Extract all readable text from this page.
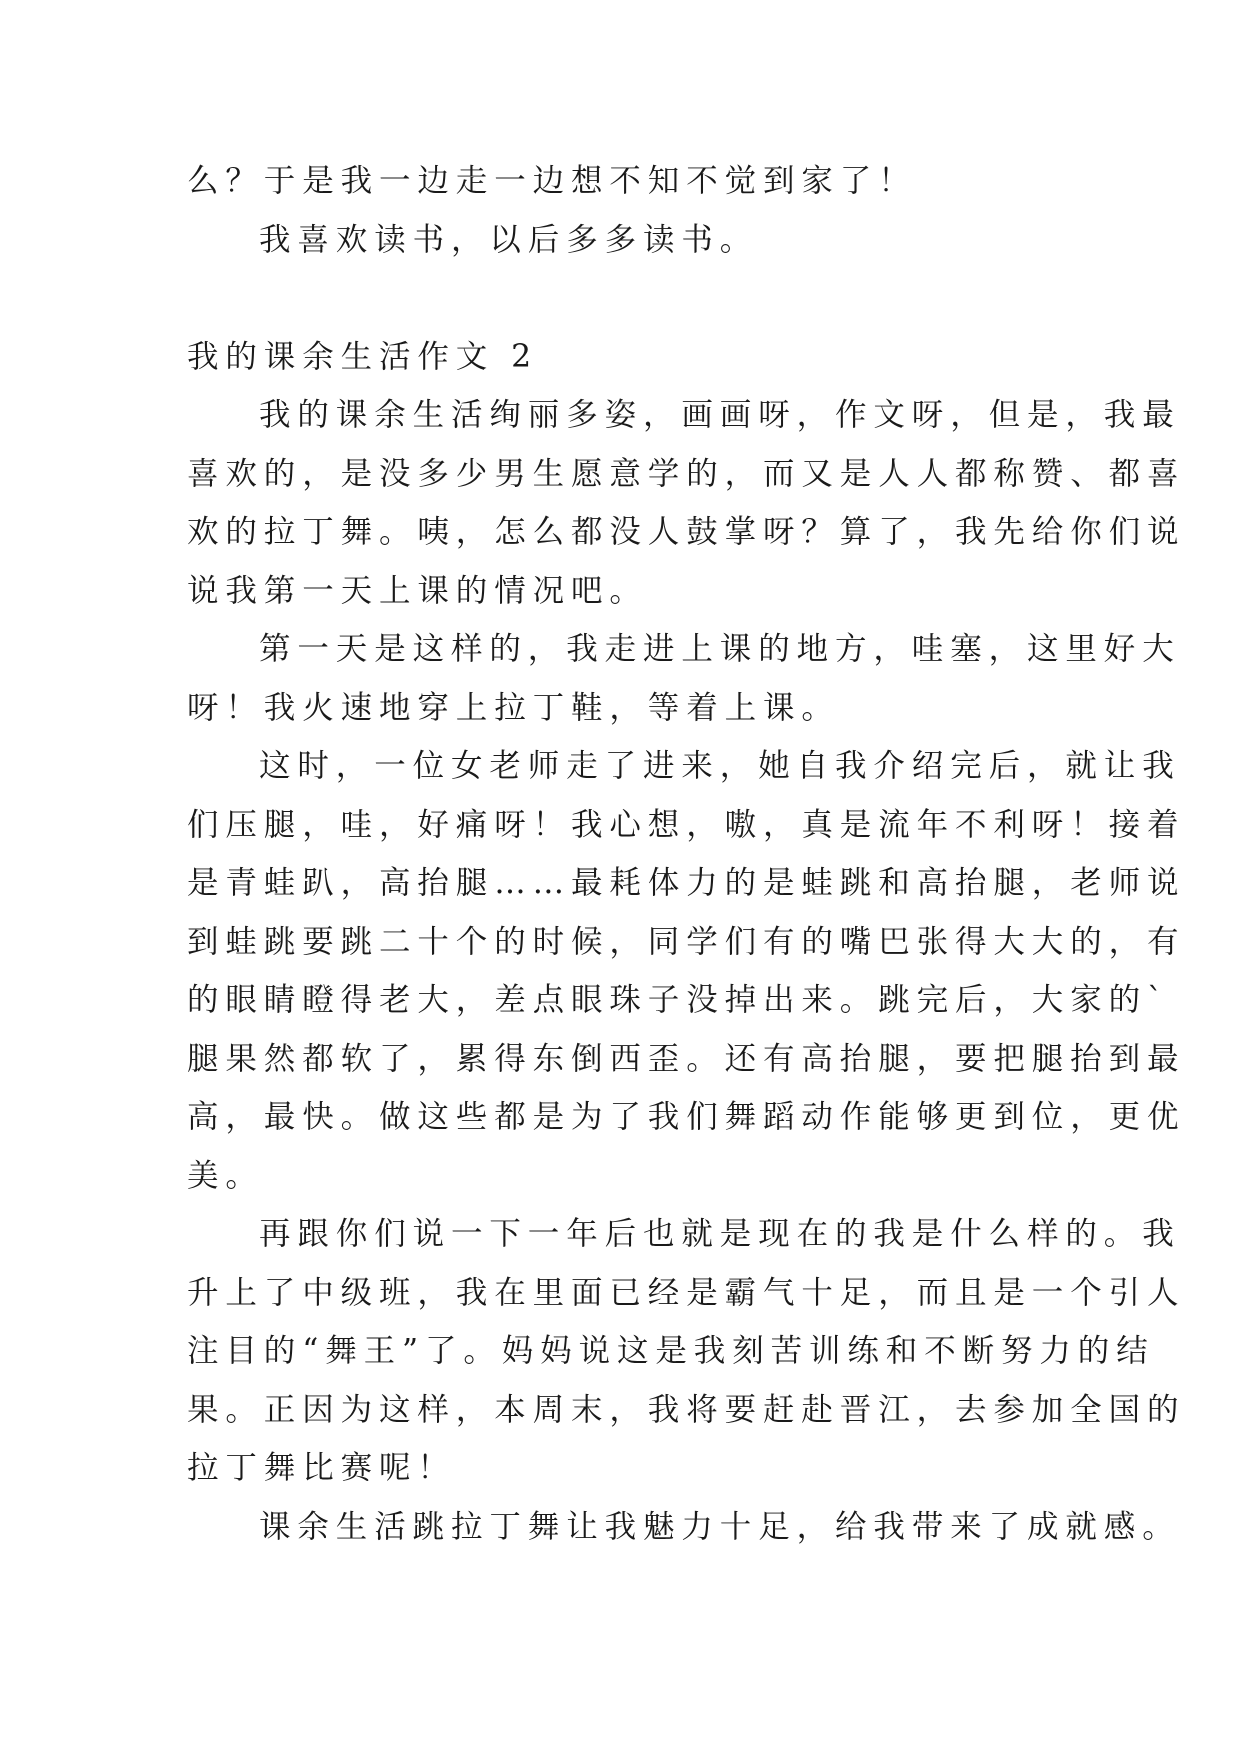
么？于是我一边走一边想不知不觉到家了！
我喜欢读书，以后多多读书。
我的课余生活作文 2
我的课余生活绚丽多姿，画画呀，作文呀，但是，我最
喜欢的，是没多少男生愿意学的，而又是人人都称赞、都喜
欢的拉丁舞。咦，怎么都没人鼓掌呀？算了，我先给你们说
说我第一天上课的情况吧。
第一天是这样的，我走进上课的地方，哇塞，这里好大
呀！我火速地穿上拉丁鞋，等着上课。
这时，一位女老师走了进来，她自我介绍完后，就让我
们压腿，哇，好痛呀！我心想，嗷，真是流年不利呀！接着
是青蛙趴，高抬腿……最耗体力的是蛙跳和高抬腿，老师说
到蛙跳要跳二十个的时候，同学们有的嘴巴张得大大的，有
的眼睛瞪得老大，差点眼珠子没掉出来。跳完后，大家的`
腿果然都软了，累得东倒西歪。还有高抬腿，要把腿抬到最
高，最快。做这些都是为了我们舞蹈动作能够更到位，更优
美。
再跟你们说一下一年后也就是现在的我是什么样的。我
升上了中级班，我在里面已经是霸气十足，而且是一个引人
注目的“舞王”了。妈妈说这是我刻苦训练和不断努力的结
果。正因为这样，本周末，我将要赶赴晋江，去参加全国的
拉丁舞比赛呢！
课余生活跳拉丁舞让我魅力十足，给我带来了成就感。
